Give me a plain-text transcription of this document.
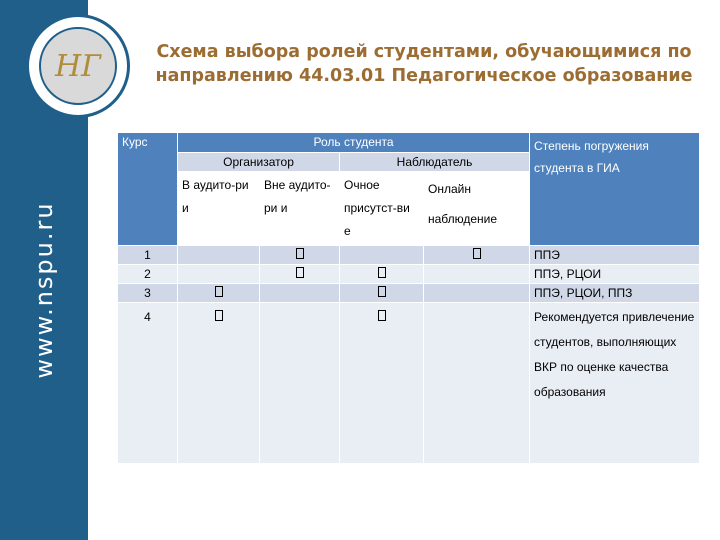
НГ
www.nspu.ru
Схема выбора ролей студентами, обучающимися по направлению 44.03.01 Педагогическое образование
Курс	Роль студента				Степень погружения студента в ГИА
	Организатор		Наблюдатель		
	В аудито-ри и	Вне аудито-ри и	Очное присутст-ви е	Онлайн наблюдение	
1					ППЭ
2					ППЭ, РЦОИ
3					ППЭ, РЦОИ, ППЗ
4					Рекомендуется привлечение студентов, выполняющих ВКР по оценке качества образования
